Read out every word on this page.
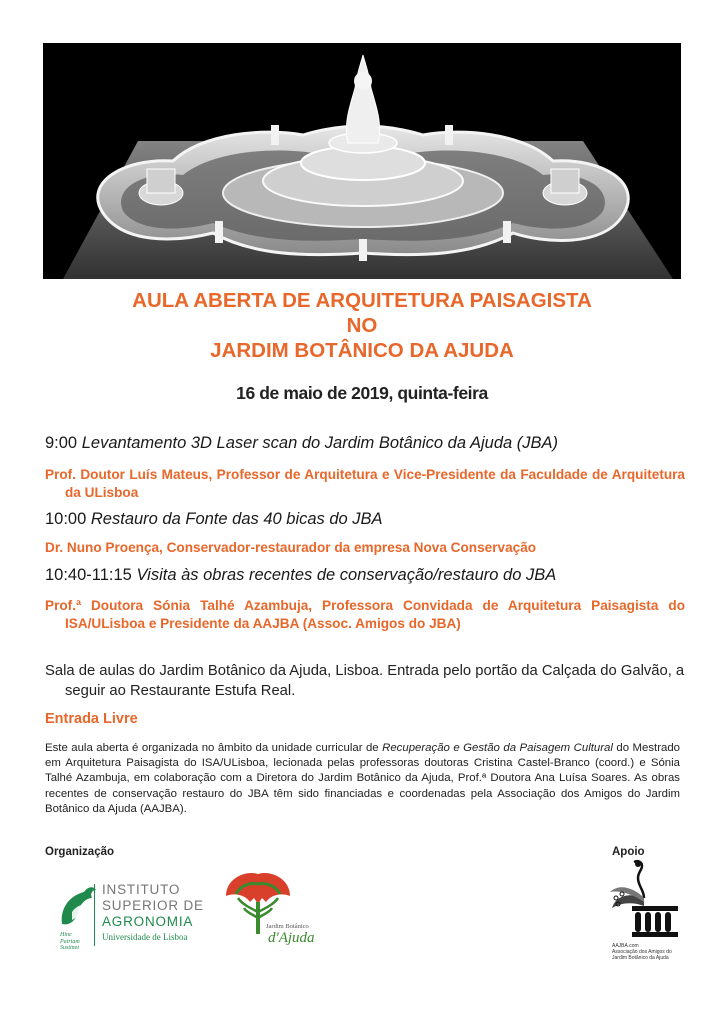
AULA ABERTA DE ARQUITETURA PAISAGISTA
NO
JARDIM BOTÂNICO DA AJUDA
16 de maio de 2019, quinta-feira
9:00 Levantamento 3D Laser scan do Jardim Botânico da Ajuda (JBA)
Prof. Doutor Luís Mateus, Professor de Arquitetura e Vice-Presidente da Faculdade de Arquitetura da ULisboa
10:00 Restauro da Fonte das 40 bicas do JBA
Dr. Nuno Proença, Conservador-restaurador da empresa Nova Conservação
10:40-11:15 Visita às obras recentes de conservação/restauro do JBA
Prof.ª Doutora Sónia Talhé Azambuja, Professora Convidada de Arquitetura Paisagista do ISA/ULisboa e Presidente da AAJBA (Assoc. Amigos do JBA)
Sala de aulas do Jardim Botânico da Ajuda, Lisboa. Entrada pelo portão da Calçada do Galvão, a seguir ao Restaurante Estufa Real.
Entrada Livre
Este aula aberta é organizada no âmbito da unidade curricular de Recuperação e Gestão da Paisagem Cultural do Mestrado em Arquitetura Paisagista do ISA/ULisboa, lecionada pelas professoras doutoras Cristina Castel-Branco (coord.) e Sónia Talhé Azambuja, em colaboração com a Diretora do Jardim Botânico da Ajuda, Prof.ª Doutora Ana Luísa Soares. As obras recentes de conservação restauro do JBA têm sido financiadas e coordenadas pela Associação dos Amigos do Jardim Botânico da Ajuda (AAJBA).
Organização	Apoio
Hinc
Patriam
Sustinet
INSTITUTO
SUPERIOR DE
AGRONOMIA
Universidade de Lisboa
Jardim Botânico
d'Ajuda	AAJBA.com
Associação dos Amigos do
Jardim Botânico da Ajuda
